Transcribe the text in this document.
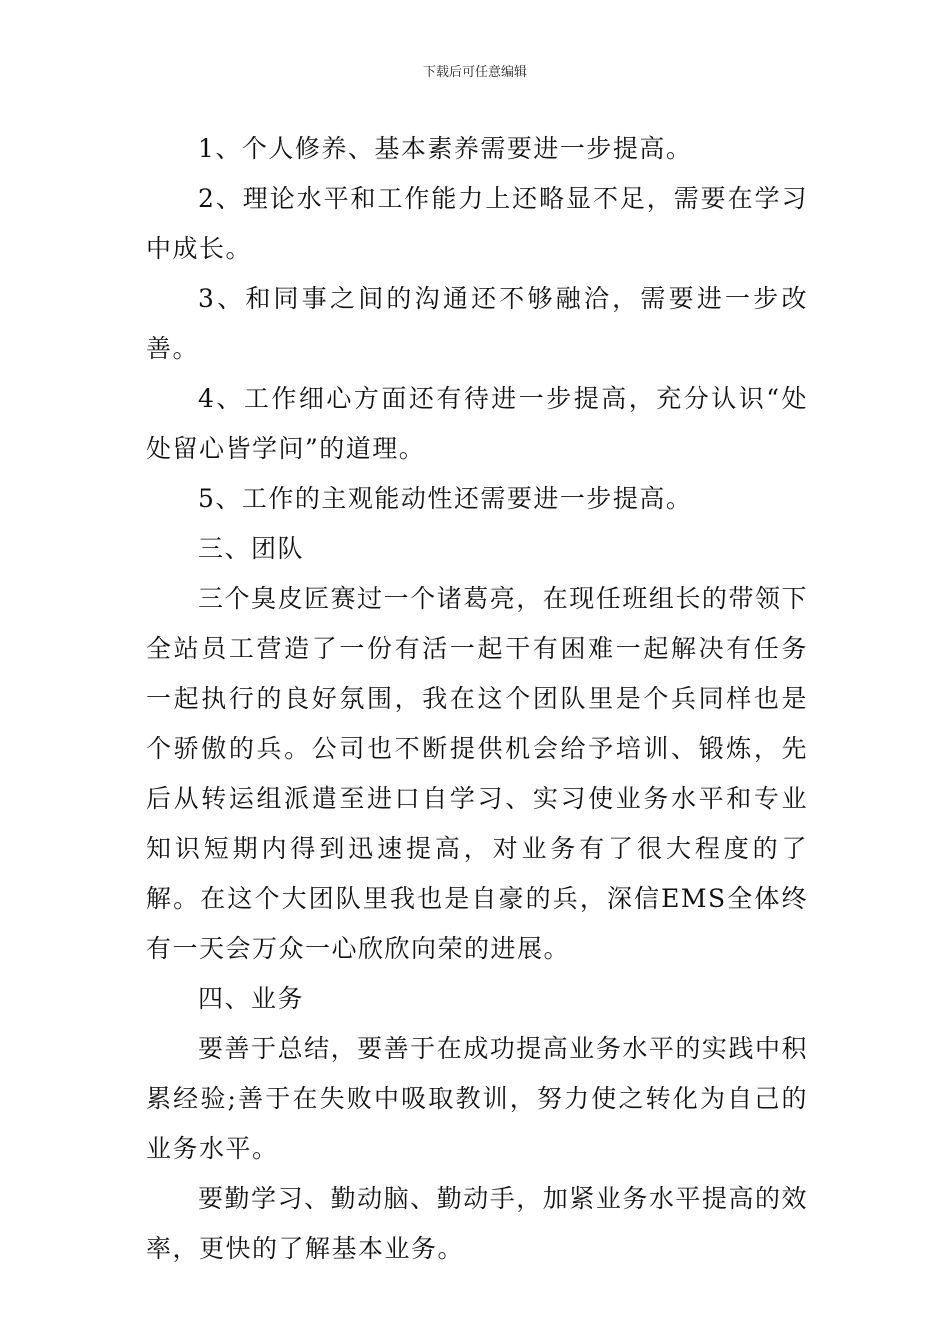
下载后可任意编辑

1、个人修养、基本素养需要进一步提高。

2、理论水平和工作能力上还略显不足，需要在学习中成长。

3、和同事之间的沟通还不够融洽，需要进一步改善。

4、工作细心方面还有待进一步提高，充分认识“处处留心皆学问”的道理。

5、工作的主观能动性还需要进一步提高。

三、团队

三个臭皮匠赛过一个诸葛亮，在现任班组长的带领下全站员工营造了一份有活一起干有困难一起解决有任务一起执行的良好氛围，我在这个团队里是个兵同样也是个骄傲的兵。公司也不断提供机会给予培训、锻炼，先后从转运组派遣至进口自学习、实习使业务水平和专业知识短期内得到迅速提高，对业务有了很大程度的了解。在这个大团队里我也是自豪的兵，深信EMS全体终有一天会万众一心欣欣向荣的进展。

四、业务

要善于总结，要善于在成功提高业务水平的实践中积累经验;善于在失败中吸取教训，努力使之转化为自己的业务水平。

要勤学习、勤动脑、勤动手，加紧业务水平提高的效率，更快的了解基本业务。
